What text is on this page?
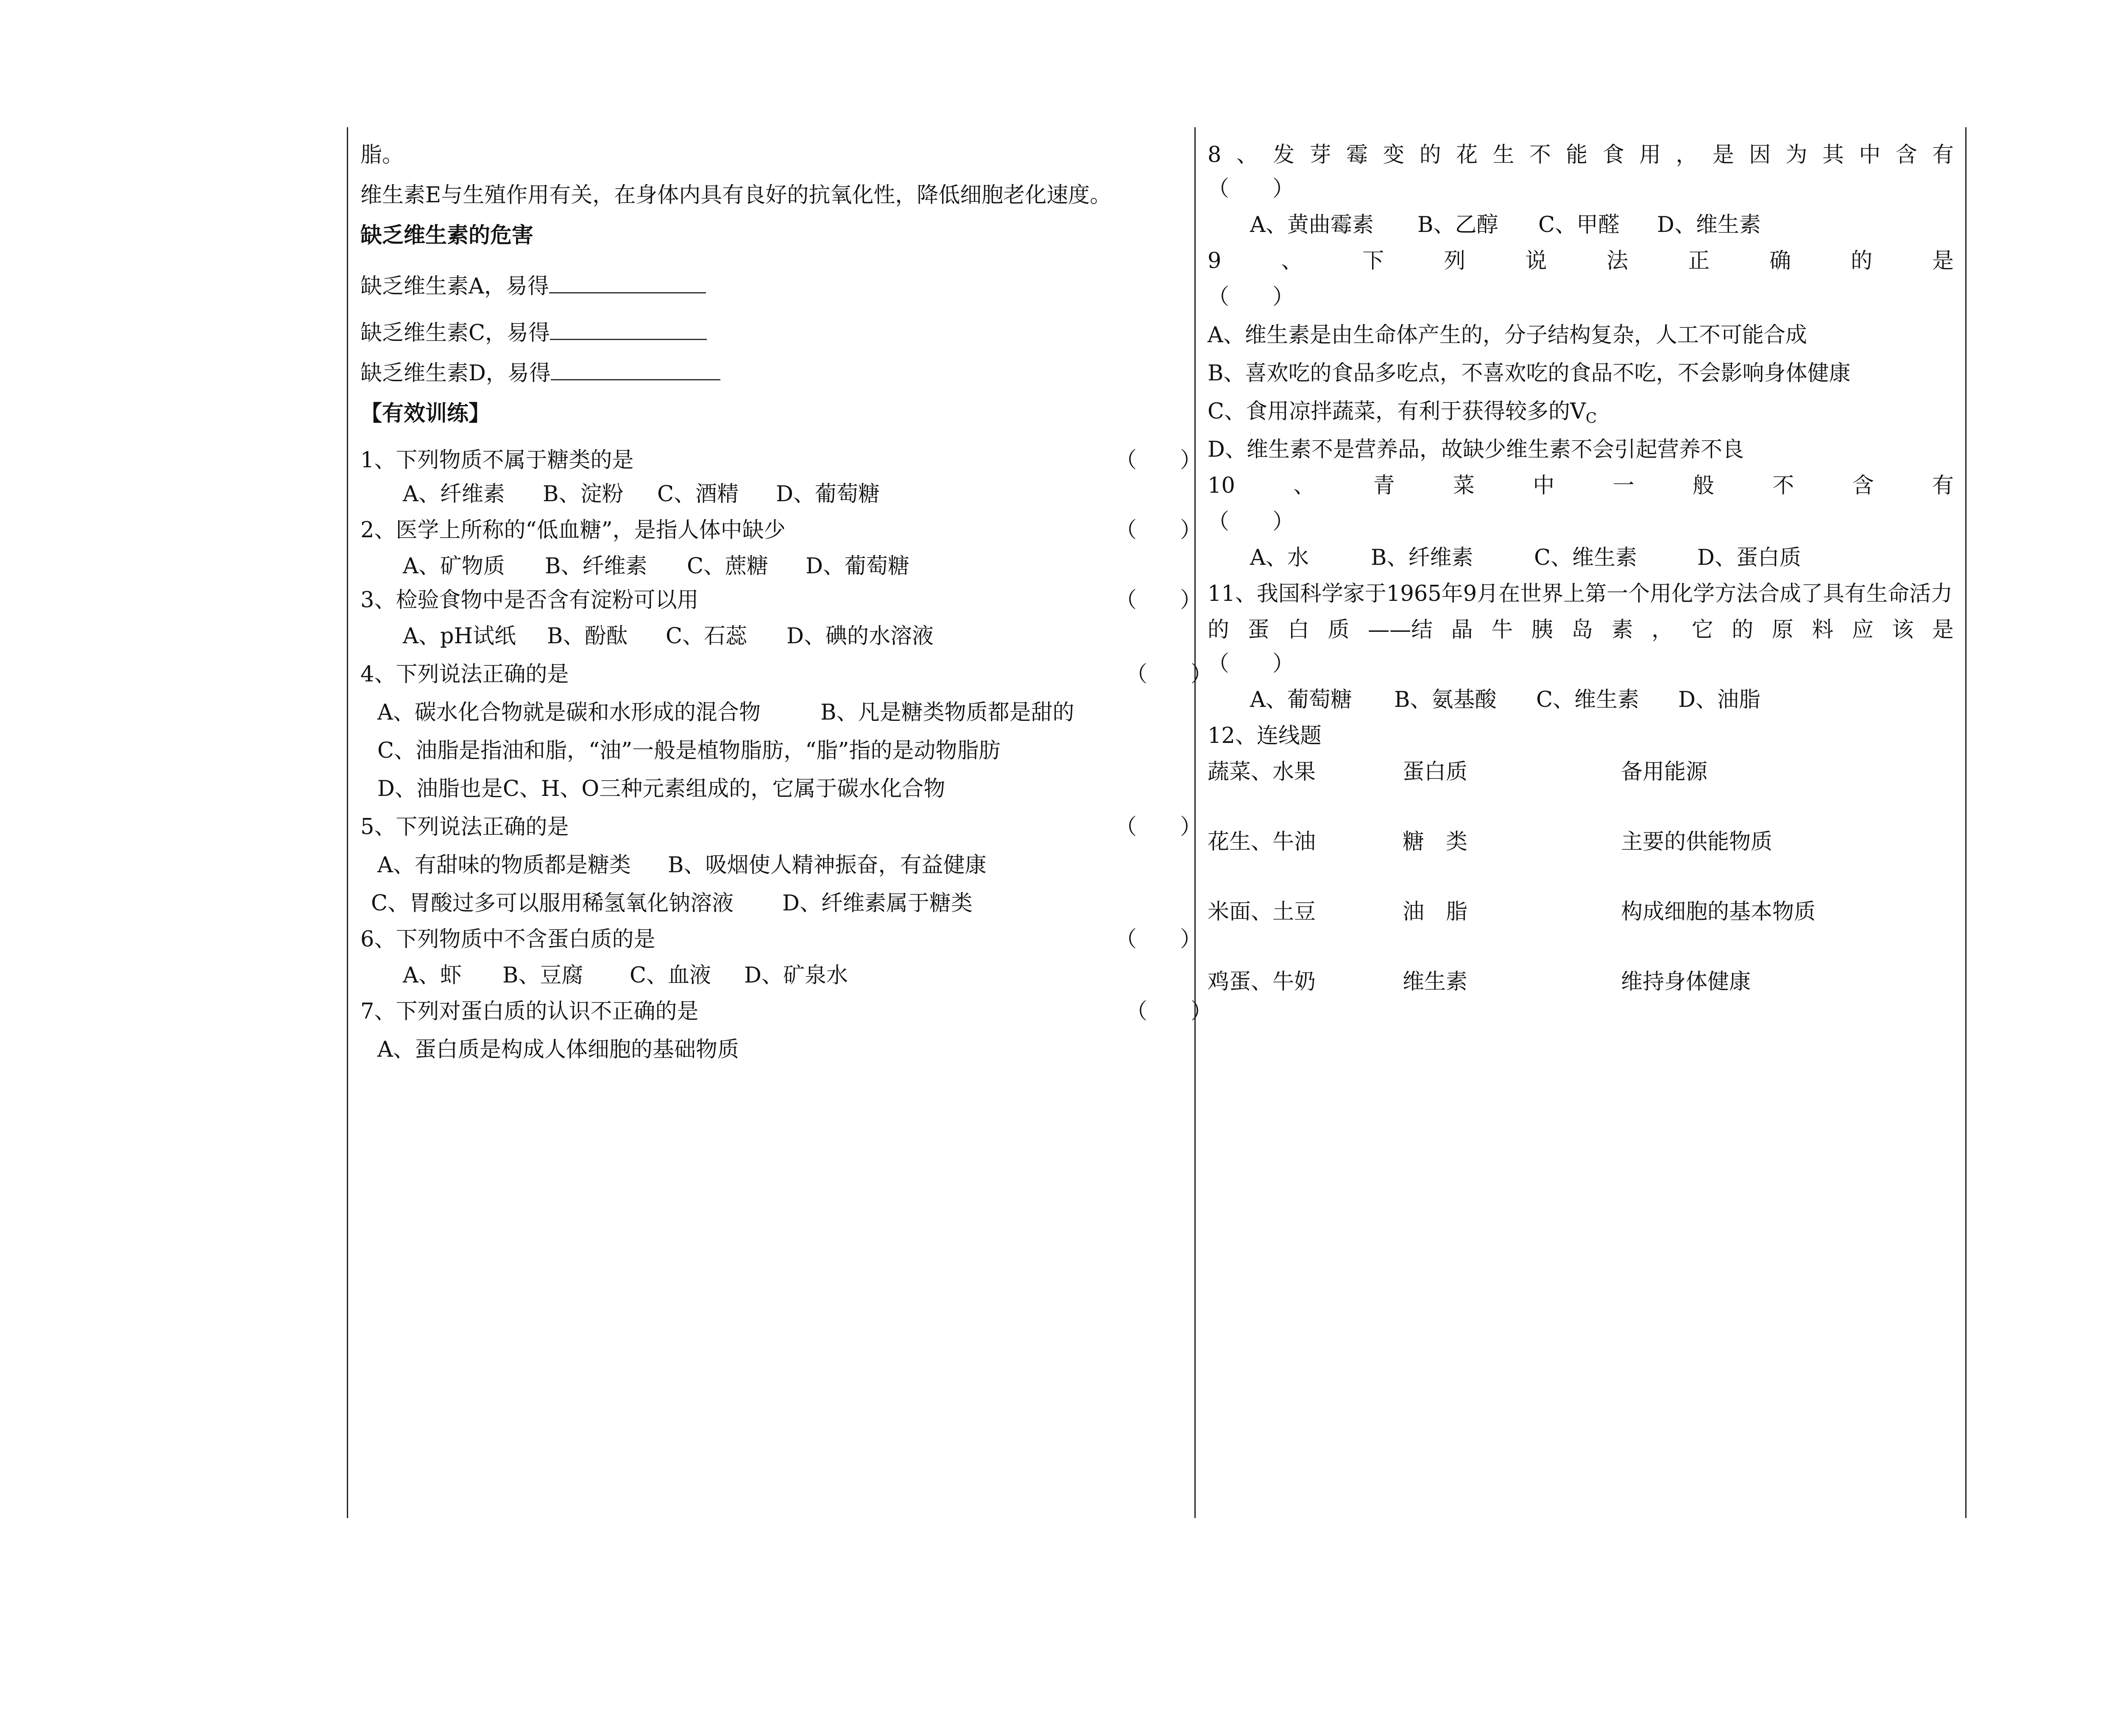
脂。
维生素E与生殖作用有关，在身体内具有良好的抗氧化性，降低细胞老化速度。
缺乏维生素的危害
缺乏维生素A，易得
缺乏维生素C，易得
缺乏维生素D，易得
【有效训练】
1、下列物质不属于糖类的是	（　　）
A、纤维素 B、淀粉 C、酒精 D、葡萄糖
2、医学上所称的“低血糖”，是指人体中缺少	（　　）
A、矿物质 B、纤维素 C、蔗糖 D、葡萄糖
3、检验食物中是否含有淀粉可以用	（　　）
A、pH试纸 B、酚酞 C、石蕊 D、碘的水溶液
4、下列说法正确的是	（　　）
A、碳水化合物就是碳和水形成的混合物	B、凡是糖类物质都是甜的
C、油脂是指油和脂，“油”一般是植物脂肪，“脂”指的是动物脂肪
D、油脂也是C、H、O三种元素组成的，它属于碳水化合物
5、下列说法正确的是	（　　）
A、有甜味的物质都是糖类 B、吸烟使人精神振奋，有益健康
C、胃酸过多可以服用稀氢氧化钠溶液 D、纤维素属于糖类
6、下列物质中不含蛋白质的是	（　　）
A、虾 B、豆腐 C、血液 D、矿泉水
7、下列对蛋白质的认识不正确的是	（　　）
A、蛋白质是构成人体细胞的基础物质
8 、 发 芽 霉 变 的 花 生 不 能 食 用 ， 是 因 为 其 中 含 有
（　　）
A、黄曲霉素 B、乙醇 C、甲醛 D、维生素
9	、	下	列	说	法	正	确	的	是
（　　）
A、维生素是由生命体产生的，分子结构复杂，人工不可能合成
B、喜欢吃的食品多吃点，不喜欢吃的食品不吃，不会影响身体健康
C、食用凉拌蔬菜，有利于获得较多的$V_C$
D、维生素不是营养品，故缺少维生素不会引起营养不良
10	、	青	菜	中	一	般	不	含	有
（　　）
A、水	B、纤维素	C、维生素	D、蛋白质
11、我国科学家于1965年9月在世界上第一个用化学方法合成了具有生命活力
的 蛋 白 质 ——结 晶 牛 胰 岛 素 ， 它 的 原 料 应 该 是
（　　）
A、葡萄糖 B、氨基酸 C、维生素 D、油脂
12、连线题
蔬菜、水果	蛋白质	备用能源
花生、牛油	糖　类	主要的供能物质
米面、土豆	油　脂	构成细胞的基本物质
鸡蛋、牛奶	维生素	维持身体健康
